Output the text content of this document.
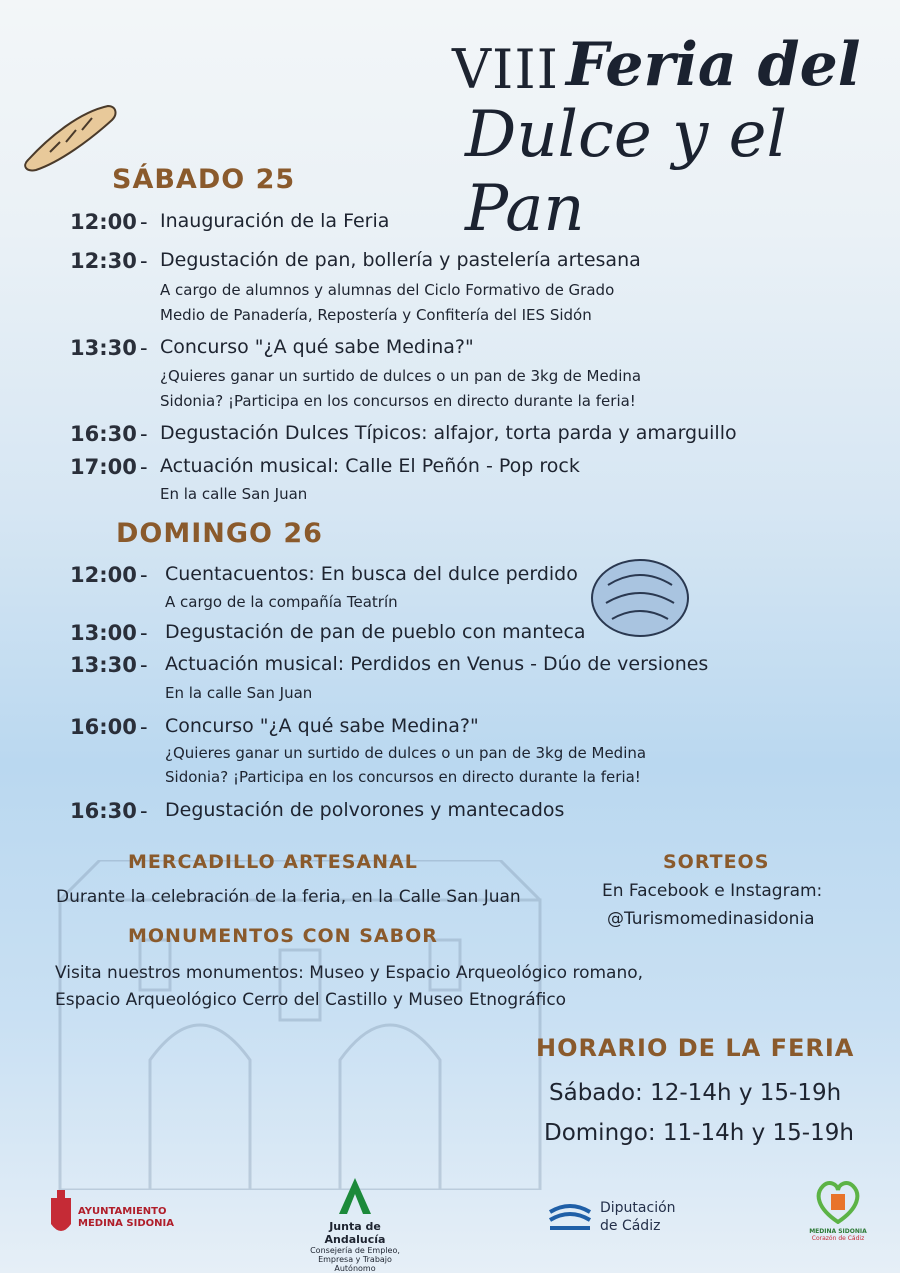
VIII Feria del
Dulce y el Pan
SÁBADO 25
12:00 - Inauguración de la Feria
12:30 - Degustación de pan, bollería y pastelería artesana
A cargo de alumnos y alumnas del Ciclo Formativo de Grado
Medio de Panadería, Repostería y Confitería del IES Sidón
13:30 - Concurso "¿A qué sabe Medina?"
¿Quieres ganar un surtido de dulces o un pan de 3kg de Medina
Sidonia? ¡Participa en los concursos en directo durante la feria!
16:30 - Degustación Dulces Típicos: alfajor, torta parda y amarguillo
17:00 - Actuación musical: Calle El Peñón - Pop rock
En la calle San Juan
DOMINGO 26
12:00 - Cuentacuentos: En busca del dulce perdido
A cargo de la compañía Teatrín
13:00 - Degustación de pan de pueblo con manteca
13:30 - Actuación musical: Perdidos en Venus - Dúo de versiones
En la calle San Juan
16:00 - Concurso "¿A qué sabe Medina?"
¿Quieres ganar un surtido de dulces o un pan de 3kg de Medina
Sidonia? ¡Participa en los concursos en directo durante la feria!
16:30 - Degustación de polvorones y mantecados
MERCADILLO ARTESANAL
Durante la celebración de la feria, en la Calle San Juan
SORTEOS
En Facebook e Instagram:
@Turismomedinasidonia
MONUMENTOS CON SABOR
Visita nuestros monumentos: Museo y Espacio Arqueológico romano,
Espacio Arqueológico Cerro del Castillo y Museo Etnográfico
HORARIO DE LA FERIA
Sábado: 12-14h y 15-19h
Domingo: 11-14h y 15-19h
AYUNTAMIENTO
MEDINA SIDONIA	Junta de Andalucía
Consejería de Empleo,
Empresa y Trabajo Autónomo
Diputación
de Cádiz	MEDINA SIDONIA
Corazón de Cádiz
